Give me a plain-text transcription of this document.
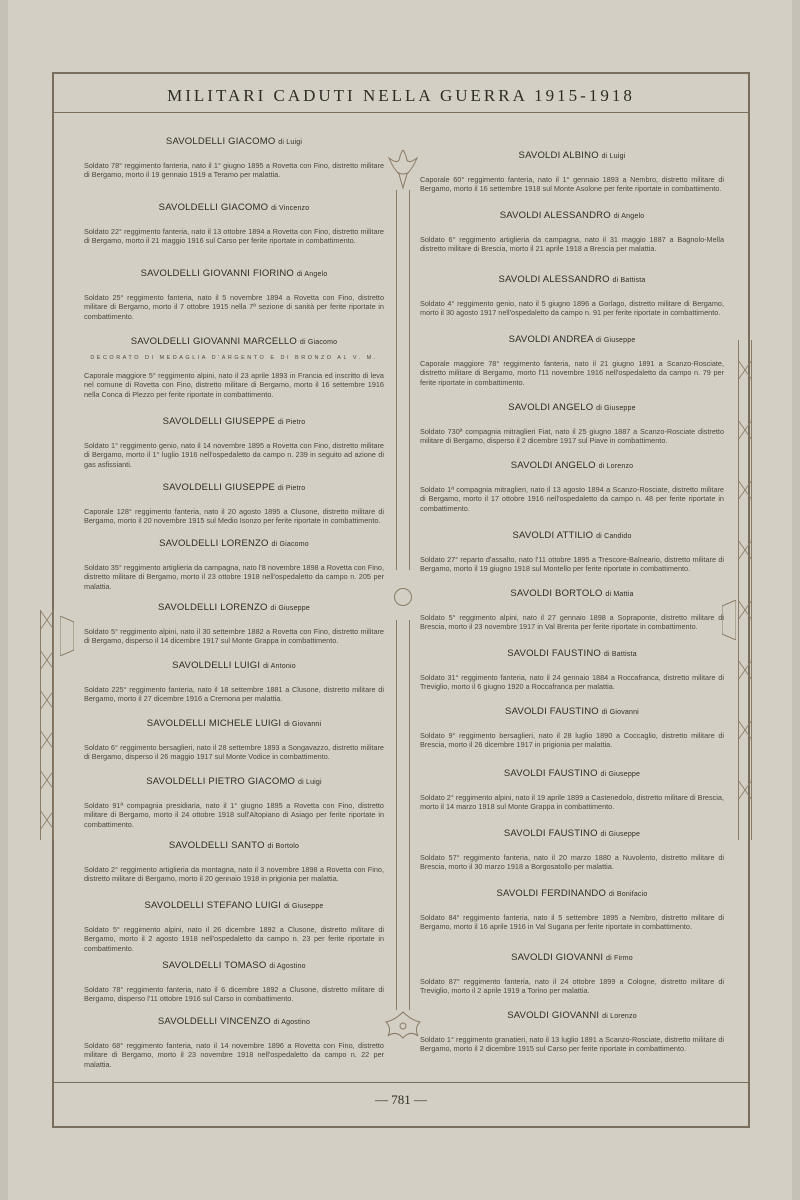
MILITARI CADUTI NELLA GUERRA 1915-1918
SAVOLDELLI GIACOMO di Luigi
Soldato 78° reggimento fanteria, nato il 1° giugno 1895 a Rovetta con Fino, distretto militare di Bergamo, morto il 19 gennaio 1919 a Teramo per malattia.
SAVOLDELLI GIACOMO di Vincenzo
Soldato 22° reggimento fanteria, nato il 13 ottobre 1894 a Rovetta con Fino, distretto militare di Bergamo, morto il 21 maggio 1916 sul Carso per ferite riportate in combattimento.
SAVOLDELLI GIOVANNI FIORINO di Angelo
Soldato 25° reggimento fanteria, nato il 5 novembre 1894 a Rovetta con Fino, distretto militare di Bergamo, morto il 7 ottobre 1915 nella 7ª sezione di sanità per ferite riportate in combattimento.
SAVOLDELLI GIOVANNI MARCELLO di Giacomo
DECORATO DI MEDAGLIA D'ARGENTO E DI BRONZO AL V. M.
Caporale maggiore 5° reggimento alpini, nato il 23 aprile 1893 in Francia ed inscritto di leva nel comune di Rovetta con Fino, distretto militare di Bergamo, morto il 16 settembre 1916 nella Conca di Plezzo per ferite riportate in combattimento.
SAVOLDELLI GIUSEPPE di Pietro
Soldato 1° reggimento genio, nato il 14 novembre 1895 a Rovetta con Fino, distretto militare di Bergamo, morto il 1° luglio 1916 nell'ospedaletto da campo n. 239 in seguito ad azione di gas asfissianti.
SAVOLDELLI GIUSEPPE di Pietro
Caporale 128° reggimento fanteria, nato il 20 agosto 1895 a Clusone, distretto militare di Bergamo, morto il 20 novembre 1915 sul Medio Isonzo per ferite riportate in combattimento.
SAVOLDELLI LORENZO di Giacomo
Soldato 35° reggimento artiglieria da campagna, nato l'8 novembre 1898 a Rovetta con Fino, distretto militare di Bergamo, morto il 23 ottobre 1918 nell'ospedaletto da campo n. 205 per malattia.
SAVOLDELLI LORENZO di Giuseppe
Soldato 5° reggimento alpini, nato il 30 settembre 1882 a Rovetta con Fino, distretto militare di Bergamo, disperso il 14 dicembre 1917 sul Monte Grappa in combattimento.
SAVOLDELLI LUIGI di Antonio
Soldato 225° reggimento fanteria, nato il 18 settembre 1881 a Clusone, distretto militare di Bergamo, morto il 27 dicembre 1916 a Cremona per malattia.
SAVOLDELLI MICHELE LUIGI di Giovanni
Soldato 6° reggimento bersaglieri, nato il 28 settembre 1893 a Songavazzo, distretto militare di Bergamo, disperso il 26 maggio 1917 sul Monte Vodice in combattimento.
SAVOLDELLI PIETRO GIACOMO di Luigi
Soldato 91ª compagnia presidiaria, nato il 1° giugno 1895 a Rovetta con Fino, distretto militare di Bergamo, morto il 24 ottobre 1918 sull'Altopiano di Asiago per ferite riportate in combattimento.
SAVOLDELLI SANTO di Bortolo
Soldato 2° reggimento artiglieria da montagna, nato il 3 novembre 1898 a Rovetta con Fino, distretto militare di Bergamo, morto il 20 gennaio 1918 in prigionia per malattia.
SAVOLDELLI STEFANO LUIGI di Giuseppe
Soldato 5° reggimento alpini, nato il 26 dicembre 1892 a Clusone, distretto militare di Bergamo, morto il 2 agosto 1918 nell'ospedaletto da campo n. 23 per ferite riportate in combattimento.
SAVOLDELLI TOMASO di Agostino
Soldato 78° reggimento fanteria, nato il 6 dicembre 1892 a Clusone, distretto militare di Bergamo, disperso l'11 ottobre 1916 sul Carso in combattimento.
SAVOLDELLI VINCENZO di Agostino
Soldato 68° reggimento fanteria, nato il 14 novembre 1896 a Rovetta con Fino, distretto militare di Bergamo, morto il 23 novembre 1918 nell'ospedaletto da campo n. 22 per malattia.
SAVOLDI ALBINO di Luigi
Caporale 60° reggimento fanteria, nato il 1° gennaio 1893 a Nembro, distretto militare di Bergamo, morto il 16 settembre 1918 sul Monte Asolone per ferite riportate in combattimento.
SAVOLDI ALESSANDRO di Angelo
Soldato 6° reggimento artiglieria da campagna, nato il 31 maggio 1887 a Bagnolo-Mella distretto militare di Brescia, morto il 21 aprile 1918 a Brescia per malattia.
SAVOLDI ALESSANDRO di Battista
Soldato 4° reggimento genio, nato il 5 giugno 1896 a Gorlago, distretto militare di Bergamo, morto il 30 agosto 1917 nell'ospedaletto da campo n. 91 per ferite riportate in combattimento.
SAVOLDI ANDREA di Giuseppe
Caporale maggiore 78° reggimento fanteria, nato il 21 giugno 1891 a Scanzo-Rosciate, distretto militare di Bergamo, morto l'11 novembre 1916 nell'ospedaletto da campo n. 79 per ferite riportate in combattimento.
SAVOLDI ANGELO di Giuseppe
Soldato 730ª compagnia mitraglieri Fiat, nato il 25 giugno 1887 a Scanzo-Rosciate distretto militare di Bergamo, disperso il 2 dicembre 1917 sul Piave in combattimento.
SAVOLDI ANGELO di Lorenzo
Soldato 1ª compagnia mitraglieri, nato il 13 agosto 1894 a Scanzo-Rosciate, distretto militare di Bergamo, morto il 17 ottobre 1916 nell'ospedaletto da campo n. 48 per ferite riportate in combattimento.
SAVOLDI ATTILIO di Candido
Soldato 27° reparto d'assalto, nato l'11 ottobre 1895 a Trescore-Balneario, distretto militare di Bergamo, morto il 19 giugno 1918 sul Montello per ferite riportate in combattimento.
SAVOLDI BORTOLO di Mattia
Soldato 5° reggimento alpini, nato il 27 gennaio 1898 a Sopraponte, distretto militare di Brescia, morto il 23 novembre 1917 in Val Brenta per ferite riportate in combattimento.
SAVOLDI FAUSTINO di Battista
Soldato 31° reggimento fanteria, nato il 24 gennaio 1884 a Roccafranca, distretto militare di Treviglio, morto il 6 giugno 1920 a Roccafranca per malattia.
SAVOLDI FAUSTINO di Giovanni
Soldato 9° reggimento bersaglieri, nato il 28 luglio 1890 a Coccaglio, distretto militare di Brescia, morto il 26 dicembre 1917 in prigionia per malattia.
SAVOLDI FAUSTINO di Giuseppe
Soldato 2° reggimento alpini, nato il 19 aprile 1899 a Castenedolo, distretto militare di Brescia, morto il 14 marzo 1918 sul Monte Grappa in combattimento.
SAVOLDI FAUSTINO di Giuseppe
Soldato 57° reggimento fanteria, nato il 20 marzo 1880 a Nuvolento, distretto militare di Brescia, morto il 30 marzo 1918 a Borgosatollo per malattia.
SAVOLDI FERDINANDO di Bonifacio
Soldato 84° reggimento fanteria, nato il 5 settembre 1895 a Nembro, distretto militare di Bergamo, morto il 16 aprile 1916 in Val Sugana per ferite riportate in combattimento.
SAVOLDI GIOVANNI di Firmo
Soldato 87° reggimento fanteria, nato il 24 ottobre 1899 a Cologne, distretto militare di Treviglio, morto il 2 aprile 1919 a Torino per malattia.
SAVOLDI GIOVANNI di Lorenzo
Soldato 1° reggimento granatieri, nato il 13 luglio 1891 a Scanzo-Rosciate, distretto militare di Bergamo, morto il 2 dicembre 1915 sul Carso per ferite riportate in combattimento.
— 781 —
